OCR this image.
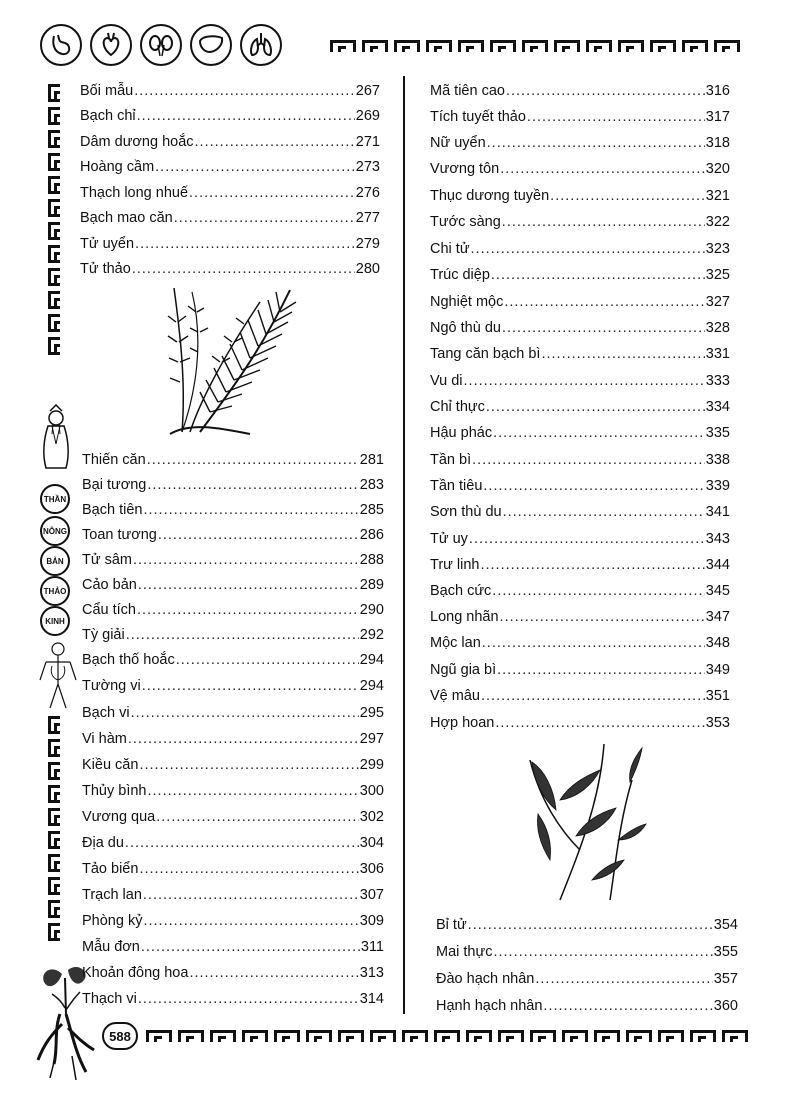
THẦN
NÔNG
BẢN
THẢO
KINH
Bối mẫu .....	267
Bạch chỉ .....	269
Dâm dương hoắc .....	271
Hoàng cầm .....	273
Thạch long nhuế .....	276
Bạch mao căn .....	277
Tử uyển .....	279
Tử thảo .....	280
Thiến căn .....	281
Bại tương .....	283
Bạch tiên .....	285
Toan tương .....	286
Tử sâm .....	288
Cảo bản .....	289
Cẩu tích .....	290
Tỳ giải .....	292
Bạch thố hoắc .....	294
Tường vi .....	294
Bạch vi .....	295
Vi hàm .....	297
Kiều căn .....	299
Thủy bình .....	300
Vương qua .....	302
Địa du .....	304
Tảo biển .....	306
Trạch lan .....	307
Phòng kỷ .....	309
Mẫu đơn .....	311
Khoản đông hoa .....	313
Thạch vi .....	314
Mã tiên cao .....	316
Tích tuyết thảo .....	317
Nữ uyển .....	318
Vương tôn .....	320
Thục dương tuyền .....	321
Tước sàng .....	322
Chi tử .....	323
Trúc diệp .....	325
Nghiệt mộc .....	327
Ngô thù du .....	328
Tang căn bạch bì .....	331
Vu di .....	333
Chỉ thực .....	334
Hậu phác .....	335
Tần bì .....	338
Tần tiêu .....	339
Sơn thù du .....	341
Tử uy .....	343
Trư linh .....	344
Bạch cức .....	345
Long nhãn .....	347
Mộc lan .....	348
Ngũ gia bì .....	349
Vệ mâu .....	351
Hợp hoan .....	353
Bỉ tử .....	354
Mai thực .....	355
Đào hạch nhân .....	357
Hạnh hạch nhân .....	360
588
